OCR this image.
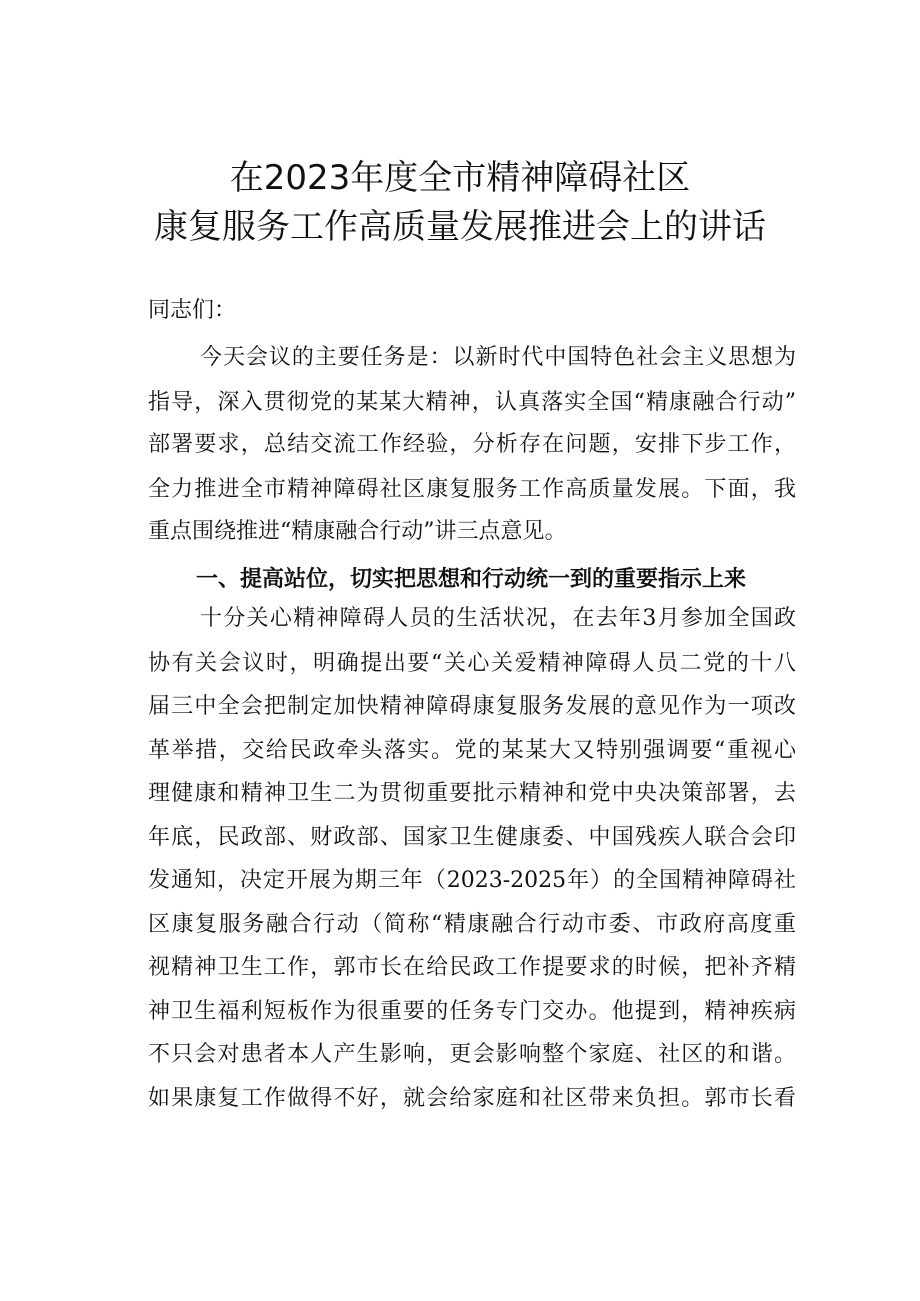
在2023年度全市精神障碍社区
康复服务工作高质量发展推进会上的讲话
同志们：
今天会议的主要任务是：以新时代中国特色社会主义思想为
指导，深入贯彻党的某某大精神，认真落实全国“精康融合行动”
部署要求，总结交流工作经验，分析存在问题，安排下步工作，
全力推进全市精神障碍社区康复服务工作高质量发展。下面，我
重点围绕推进“精康融合行动”讲三点意见。
一、提高站位，切实把思想和行动统一到的重要指示上来
十分关心精神障碍人员的生活状况，在去年3月参加全国政
协有关会议时，明确提出要“关心关爱精神障碍人员二党的十八
届三中全会把制定加快精神障碍康复服务发展的意见作为一项改
革举措，交给民政牵头落实。党的某某大又特别强调要“重视心
理健康和精神卫生二为贯彻重要批示精神和党中央决策部署，去
年底，民政部、财政部、国家卫生健康委、中国残疾人联合会印
发通知，决定开展为期三年（2023-2025年）的全国精神障碍社
区康复服务融合行动（简称“精康融合行动市委、市政府高度重
视精神卫生工作，郭市长在给民政工作提要求的时候，把补齐精
神卫生福利短板作为很重要的任务专门交办。他提到，精神疾病
不只会对患者本人产生影响，更会影响整个家庭、社区的和谐。
如果康复工作做得不好，就会给家庭和社区带来负担。郭市长看
